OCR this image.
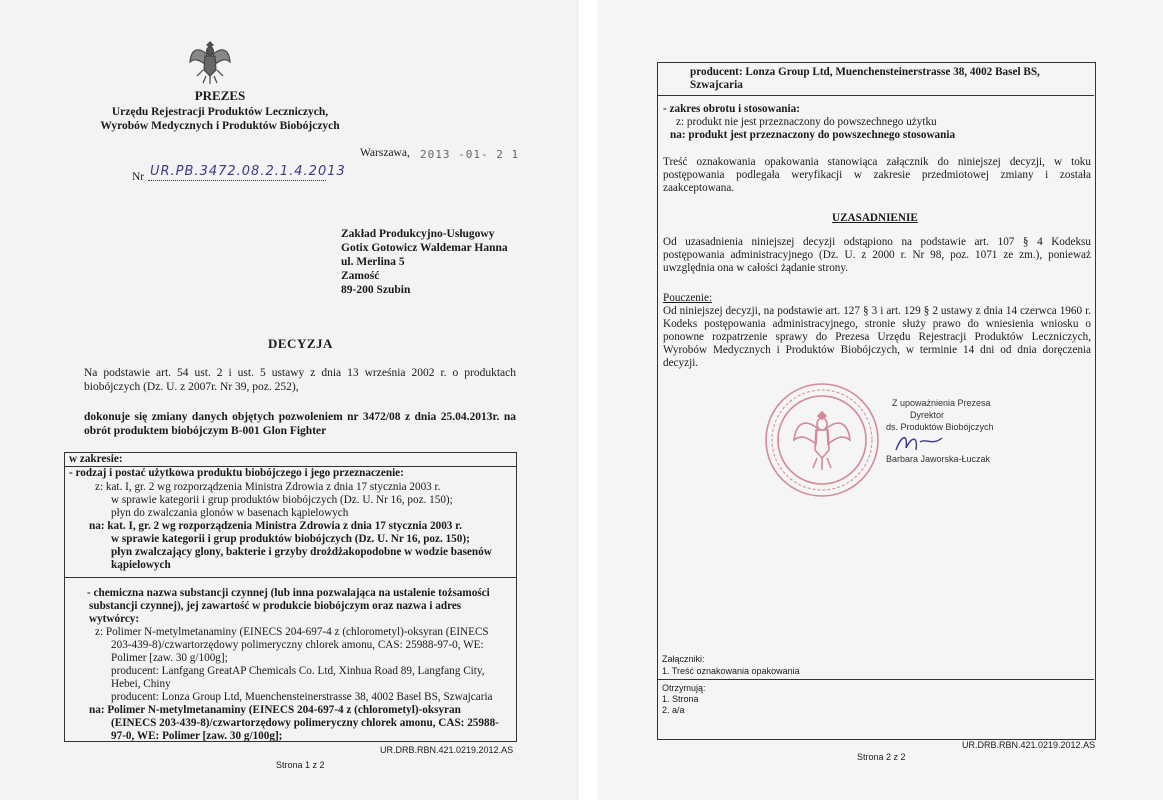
PREZES
Urzędu Rejestracji Produktów Leczniczych,
Wyrobów Medycznych i Produktów Biobójczych
Warszawa, 2013 -01- 2 1
Nr UR.PB.3472.08.2.1.4.2013
Zakład Produkcyjno-Usługowy
Gotix Gotowicz Waldemar Hanna
ul. Merlina 5
Zamość
89-200 Szubin
DECYZJA
Na podstawie art. 54 ust. 2 i ust. 5 ustawy z dnia 13 września 2002 r. o produktach biobójczych (Dz. U. z 2007r. Nr 39, poz. 252),
dokonuje się zmiany danych objętych pozwoleniem nr 3472/08 z dnia 25.04.2013r. na obrót produktem biobójczym B-001 Glon Fighter
w zakresie:
- rodzaj i postać użytkowa produktu biobójczego i jego przeznaczenie:
z: kat. I, gr. 2 wg rozporządzenia Ministra Zdrowia z dnia 17 stycznia 2003 r.
w sprawie kategorii i grup produktów biobójczych (Dz. U. Nr 16, poz. 150);
płyn do zwalczania glonów w basenach kąpielowych
na: kat. I, gr. 2 wg rozporządzenia Ministra Zdrowia z dnia 17 stycznia 2003 r.
w sprawie kategorii i grup produktów biobójczych (Dz. U. Nr 16, poz. 150);
płyn zwalczający glony, bakterie i grzyby drożdżakopodobne w wodzie basenów
kąpielowych
- chemiczna nazwa substancji czynnej (lub inna pozwalająca na ustalenie tożsamości
substancji czynnej), jej zawartość w produkcie biobójczym oraz nazwa i adres
wytwórcy:
z: Polimer N-metylmetanaminy (EINECS 204-697-4 z (chlorometyl)-oksyran (EINECS
203-439-8)/czwartorzędowy polimeryczny chlorek amonu, CAS: 25988-97-0, WE:
Polimer [zaw. 30 g/100g];
producent: Lanfgang GreatAP Chemicals Co. Ltd, Xinhua Road 89, Langfang City,
Hebei, Chiny
producent: Lonza Group Ltd, Muenchensteinerstrasse 38, 4002 Basel BS, Szwajcaria
na: Polimer N-metylmetanaminy (EINECS 204-697-4 z (chlorometyl)-oksyran
(EINECS 203-439-8)/czwartorzędowy polimeryczny chlorek amonu, CAS: 25988-
97-0, WE: Polimer [zaw. 30 g/100g];
UR.DRB.RBN.421.0219.2012.AS
Strona 1 z 2
producent: Lonza Group Ltd, Muenchensteinerstrasse 38, 4002 Basel BS,
Szwajcaria
- zakres obrotu i stosowania:
z: produkt nie jest przeznaczony do powszechnego użytku
na: produkt jest przeznaczony do powszechnego stosowania
Treść oznakowania opakowania stanowiąca załącznik do niniejszej decyzji, w toku postępowania podlegała weryfikacji w zakresie przedmiotowej zmiany i została zaakceptowana.
UZASADNIENIE
Od uzasadnienia niniejszej decyzji odstąpiono na podstawie art. 107 § 4 Kodeksu postępowania administracyjnego (Dz. U. z 2000 r. Nr 98, poz. 1071 ze zm.), ponieważ uwzględnia ona w całości żądanie strony.
Pouczenie:
Od niniejszej decyzji, na podstawie art. 127 § 3 i art. 129 § 2 ustawy z dnia 14 czerwca 1960 r. Kodeks postępowania administracyjnego, stronie służy prawo do wniesienia wniosku o ponowne rozpatrzenie sprawy do Prezesa Urzędu Rejestracji Produktów Leczniczych, Wyrobów Medycznych i Produktów Biobójczych, w terminie 14 dni od dnia doręczenia decyzji.
Z upoważnienia Prezesa
Dyrektor
ds. Produktów Biobójczych
Barbara Jaworska-Łuczak
Załączniki:
1. Treść oznakowania opakowania
Otrzymują:
1. Strona
2. a/a
UR.DRB.RBN.421.0219.2012.AS
Strona 2 z 2
